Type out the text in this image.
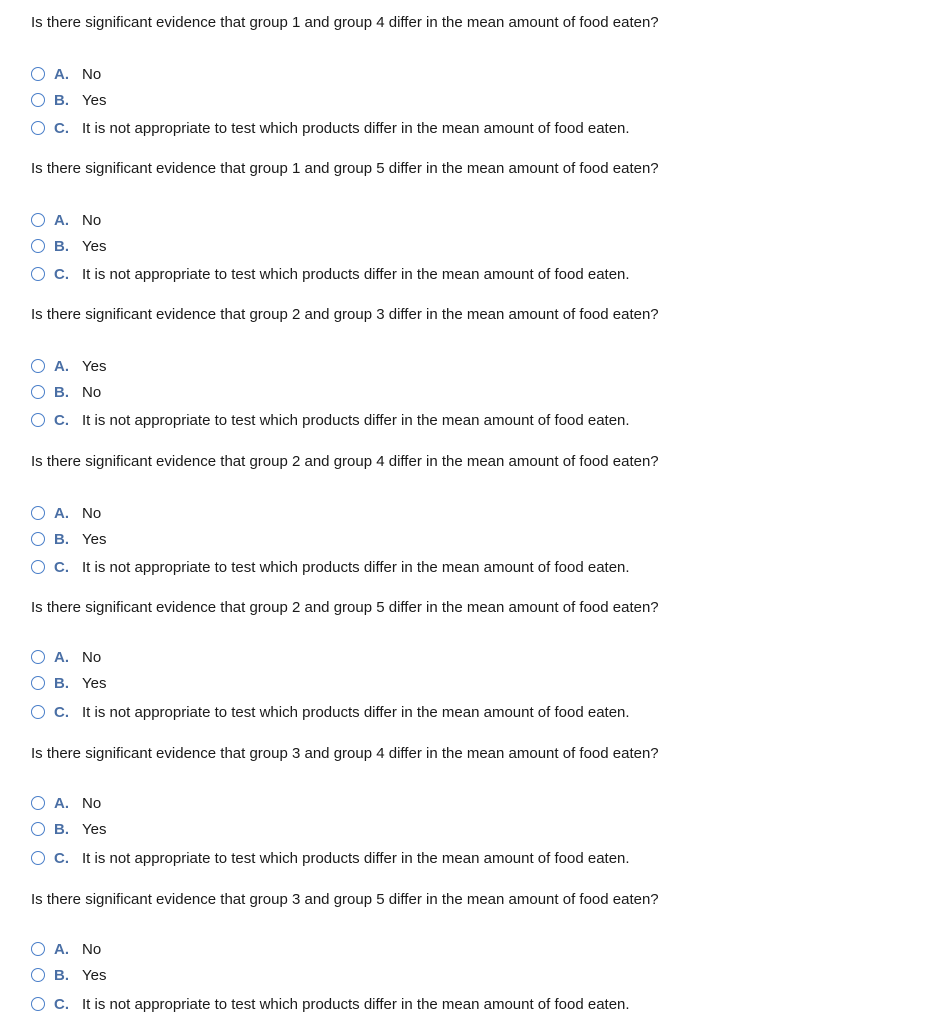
Is there significant evidence that group 1 and group 4 differ in the mean amount of food eaten?
A. No
B. Yes
C. It is not appropriate to test which products differ in the mean amount of food eaten.
Is there significant evidence that group 1 and group 5 differ in the mean amount of food eaten?
A. No
B. Yes
C. It is not appropriate to test which products differ in the mean amount of food eaten.
Is there significant evidence that group 2 and group 3 differ in the mean amount of food eaten?
A. Yes
B. No
C. It is not appropriate to test which products differ in the mean amount of food eaten.
Is there significant evidence that group 2 and group 4 differ in the mean amount of food eaten?
A. No
B. Yes
C. It is not appropriate to test which products differ in the mean amount of food eaten.
Is there significant evidence that group 2 and group 5 differ in the mean amount of food eaten?
A. No
B. Yes
C. It is not appropriate to test which products differ in the mean amount of food eaten.
Is there significant evidence that group 3 and group 4 differ in the mean amount of food eaten?
A. No
B. Yes
C. It is not appropriate to test which products differ in the mean amount of food eaten.
Is there significant evidence that group 3 and group 5 differ in the mean amount of food eaten?
A. No
B. Yes
C. It is not appropriate to test which products differ in the mean amount of food eaten.
